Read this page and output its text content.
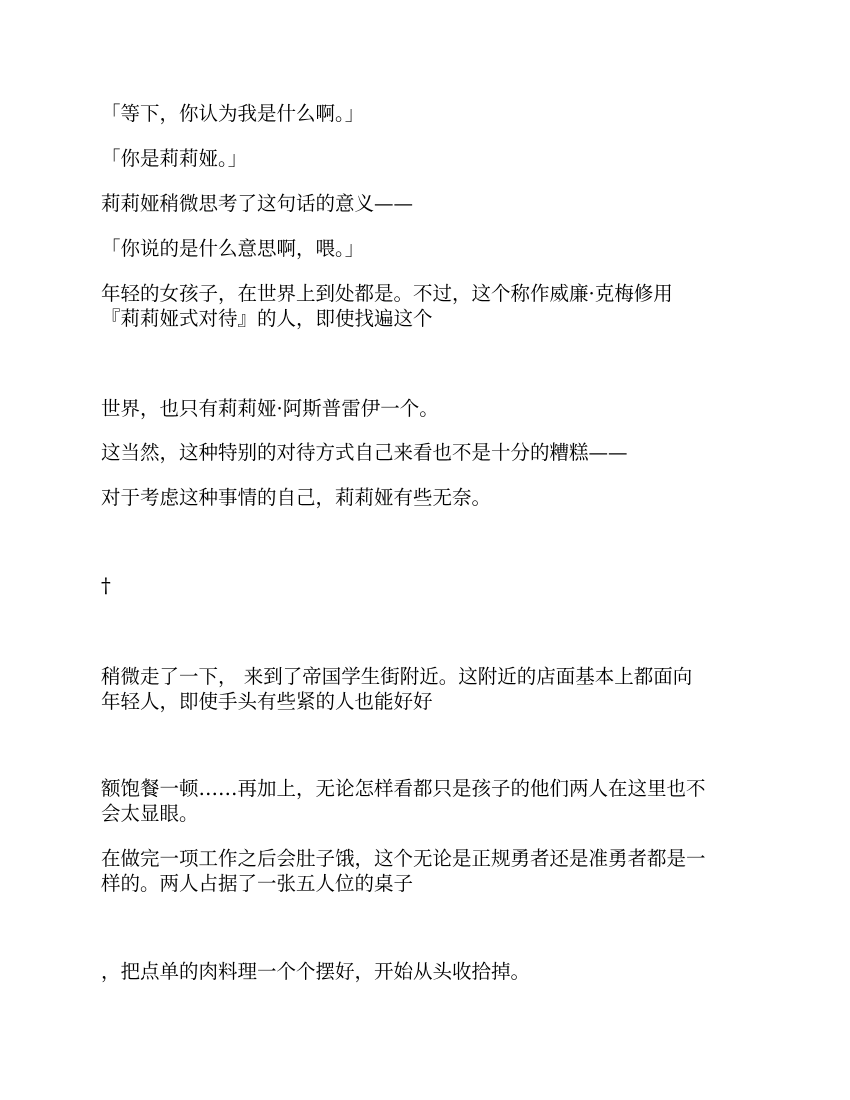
「等下，你认为我是什么啊。」

「你是莉莉娅。」

莉莉娅稍微思考了这句话的意义——

「你说的是什么意思啊，喂。」

年轻的女孩子，在世界上到处都是。不过，这个称作威廉·克梅修用
『莉莉娅式对待』的人，即使找遍这个

世界，也只有莉莉娅·阿斯普雷伊一个。

这当然，这种特别的对待方式自己来看也不是十分的糟糕——

对于考虑这种事情的自己，莉莉娅有些无奈。

†

稍微走了一下， 来到了帝国学生街附近。这附近的店面基本上都面向
年轻人，即使手头有些紧的人也能好好

额饱餐一顿……再加上，无论怎样看都只是孩子的他们两人在这里也不
会太显眼。

在做完一项工作之后会肚子饿，这个无论是正规勇者还是准勇者都是一
样的。两人占据了一张五人位的桌子

，把点单的肉料理一个个摆好，开始从头收拾掉。
